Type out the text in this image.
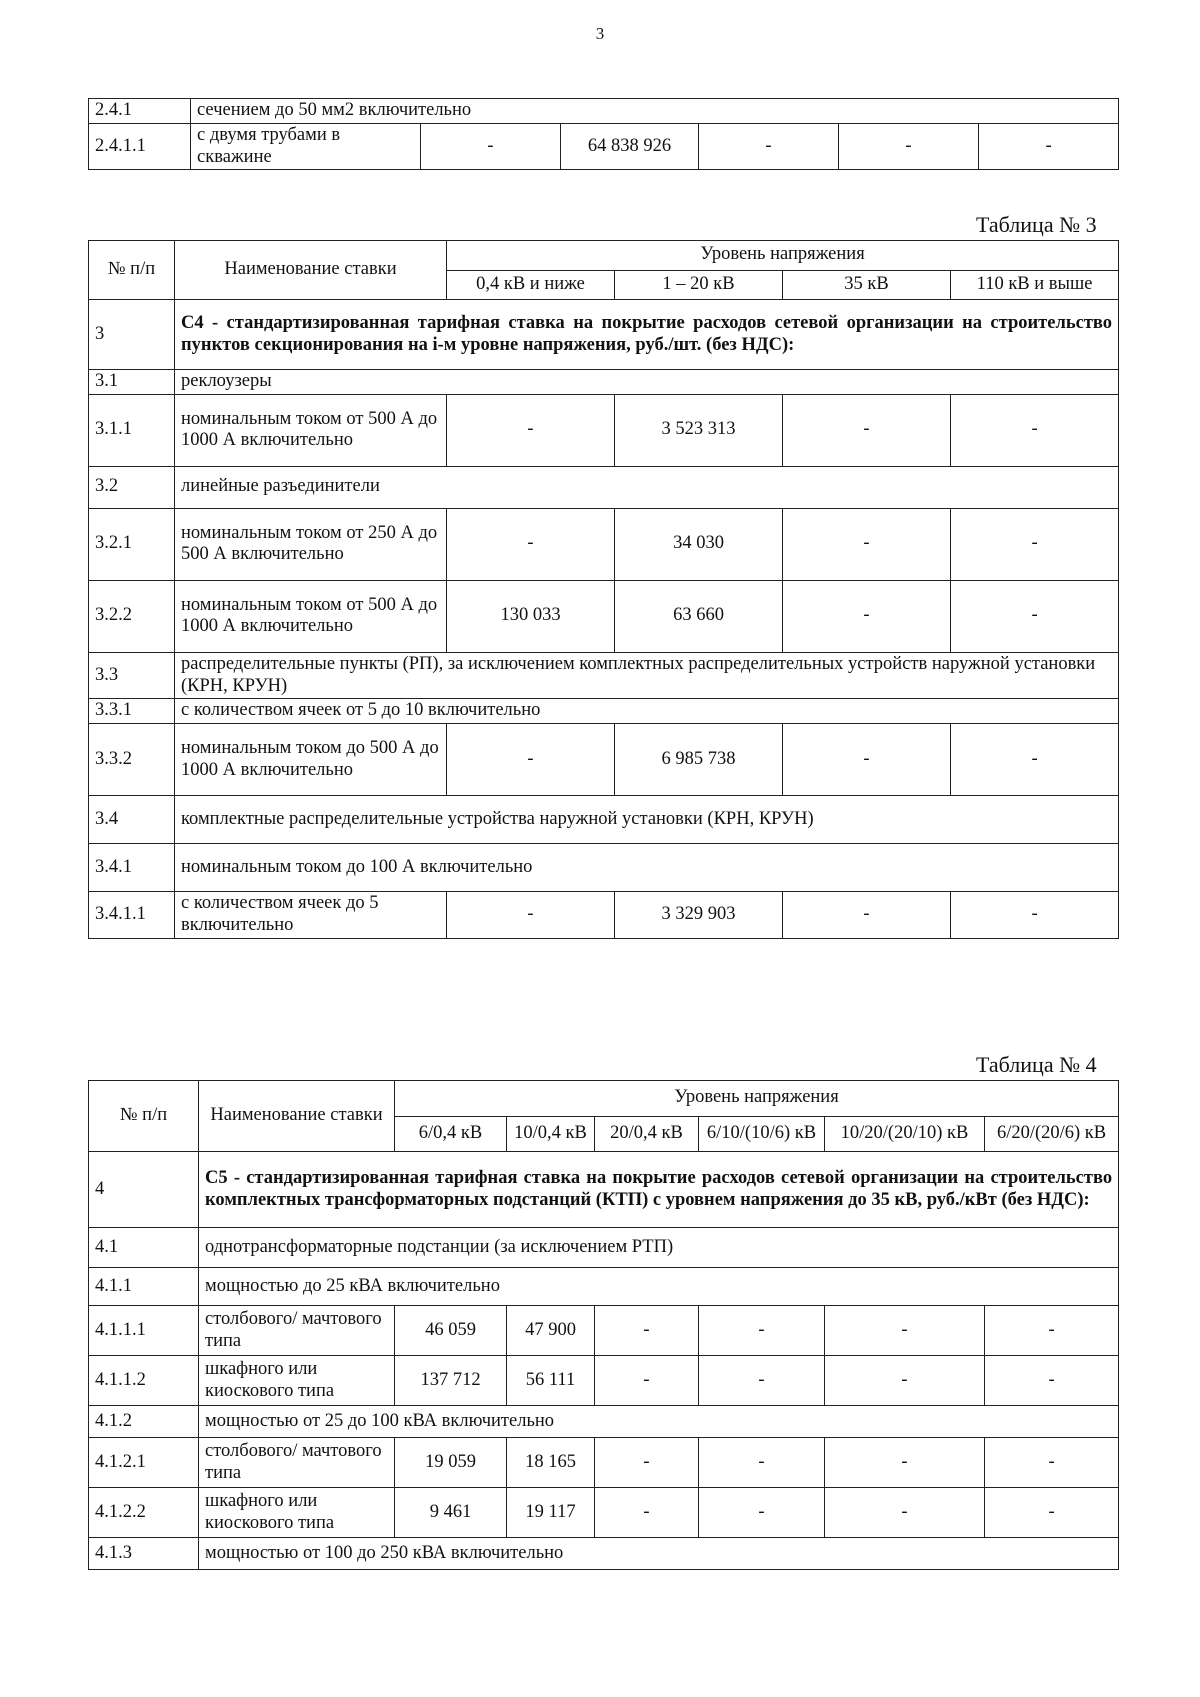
3
2.4.1	сечением до 50 мм2 включительно					
2.4.1.1	с двумя трубами в скважине	-	64 838 926	-	-	-
Таблица № 3
№ п/п	Наименование ставки	Уровень напряжения			
		0,4 кВ и ниже	1 – 20 кВ	35 кВ	110 кВ и выше
3	С4 - стандартизированная тарифная ставка на покрытие расходов сетевой организации на строительство пунктов секционирования на i-м уровне напряжения, руб./шт. (без НДС):				
3.1	реклоузеры				
3.1.1	номинальным током от 500 А до 1000 А включительно	-	3 523 313	-	-
3.2	линейные разъединители				
3.2.1	номинальным током от 250 А до 500 А включительно	-	34 030	-	-
3.2.2	номинальным током от 500 А до 1000 А включительно	130 033	63 660	-	-
3.3	распределительные пункты (РП), за исключением комплектных распределительных устройств наружной установки (КРН, КРУН)				
3.3.1	с количеством ячеек от 5 до 10 включительно				
3.3.2	номинальным током до 500 А до 1000 А включительно	-	6 985 738	-	-
3.4	комплектные распределительные устройства наружной установки (КРН, КРУН)				
3.4.1	номинальным током до 100 А включительно				
3.4.1.1	с количеством ячеек до 5 включительно	-	3 329 903	-	-
Таблица № 4
№ п/п	Наименование ставки	Уровень напряжения					
		6/0,4 кВ	10/0,4 кВ	20/0,4 кВ	6/10/(10/6) кВ	10/20/(20/10) кВ	6/20/(20/6) кВ
4	С5 - стандартизированная тарифная ставка на покрытие расходов сетевой организации на строительство комплектных трансформаторных подстанций (КТП) с уровнем напряжения до 35 кВ, руб./кВт (без НДС):						
4.1	однотрансформаторные подстанции (за исключением РТП)						
4.1.1	мощностью до 25 кВА включительно						
4.1.1.1	столбового/ мачтового типа	46 059	47 900	-	-	-	-
4.1.1.2	шкафного или киоскового типа	137 712	56 111	-	-	-	-
4.1.2	мощностью от 25 до 100 кВА включительно						
4.1.2.1	столбового/ мачтового типа	19 059	18 165	-	-	-	-
4.1.2.2	шкафного или киоскового типа	9 461	19 117	-	-	-	-
4.1.3	мощностью от 100 до 250 кВА включительно						
